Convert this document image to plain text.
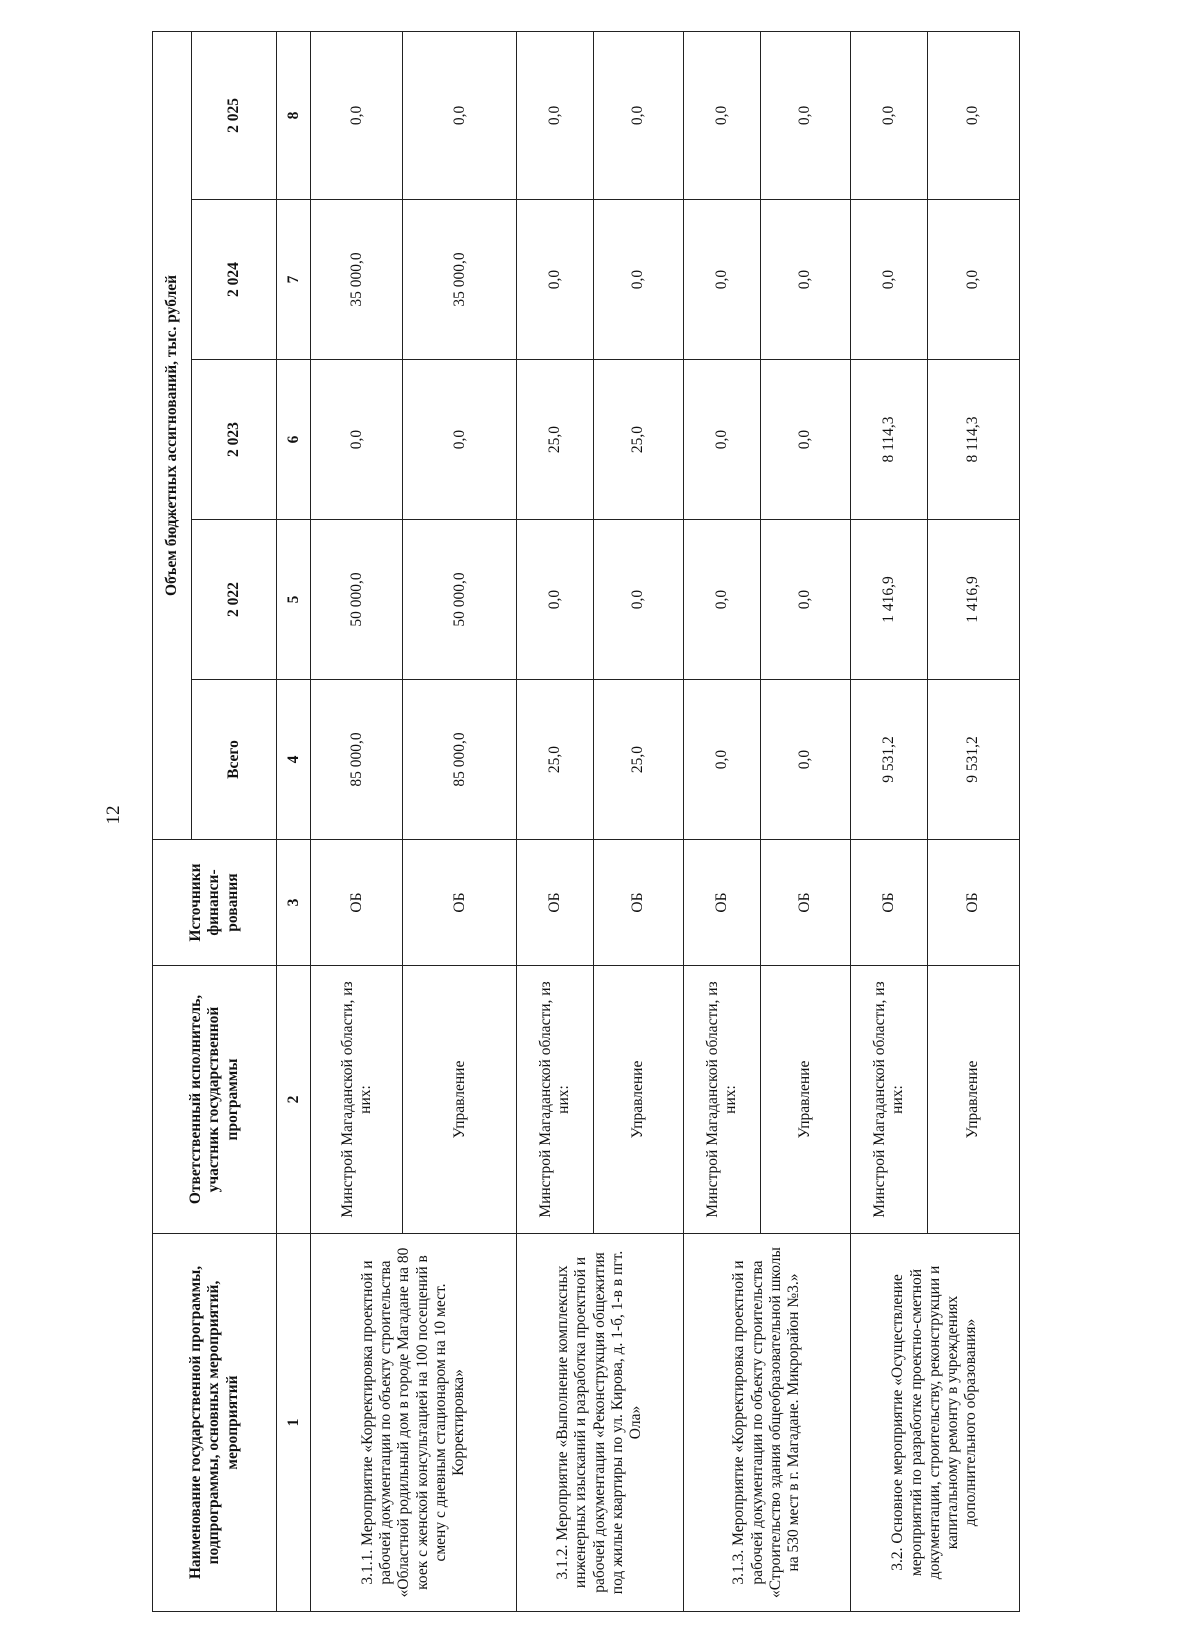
12
Наименование государственной программы, подпрограммы, основных мероприятий, мероприятий	Ответственный исполнитель, участник государственной программы	Источники финанси-рования	Объем бюджетных ассигнований, тыс. рублей				
			Всего	2 022	2 023	2 024	2 025
1	2	3	4	5	6	7	8
3.1.1. Мероприятие «Корректировка проектной и рабочей документации по объекту строительства «Областной родильный дом в городе Магадане на 80 коек с женской консультацией на 100 посещений в смену с дневным стационаром на 10 мест. Корректировка»	Минстрой Магаданской области, из них:	ОБ	85 000,0	50 000,0	0,0	35 000,0	0,0
	Управление	ОБ	85 000,0	50 000,0	0,0	35 000,0	0,0
3.1.2. Мероприятие «Выполнение комплексных инженерных изысканий и разработка проектной и рабочей документации «Реконструкция общежития под жилые квартиры по ул. Кирова, д. 1-б, 1-в в пгт. Ола»	Минстрой Магаданской области, из них:	ОБ	25,0	0,0	25,0	0,0	0,0
	Управление	ОБ	25,0	0,0	25,0	0,0	0,0
3.1.3. Мероприятие «Корректировка проектной и рабочей документации по объекту строительства «Строительство здания общеобразовательной школы на 530 мест в г. Магадане. Микрорайон №3.»	Минстрой Магаданской области, из них:	ОБ	0,0	0,0	0,0	0,0	0,0
	Управление	ОБ	0,0	0,0	0,0	0,0	0,0
3.2. Основное мероприятие «Осуществление мероприятий по разработке проектно-сметной документации, строительству, реконструкции и капитальному ремонту в учреждениях дополнительного образования»	Минстрой Магаданской области, из них:	ОБ	9 531,2	1 416,9	8 114,3	0,0	0,0
	Управление	ОБ	9 531,2	1 416,9	8 114,3	0,0	0,0
